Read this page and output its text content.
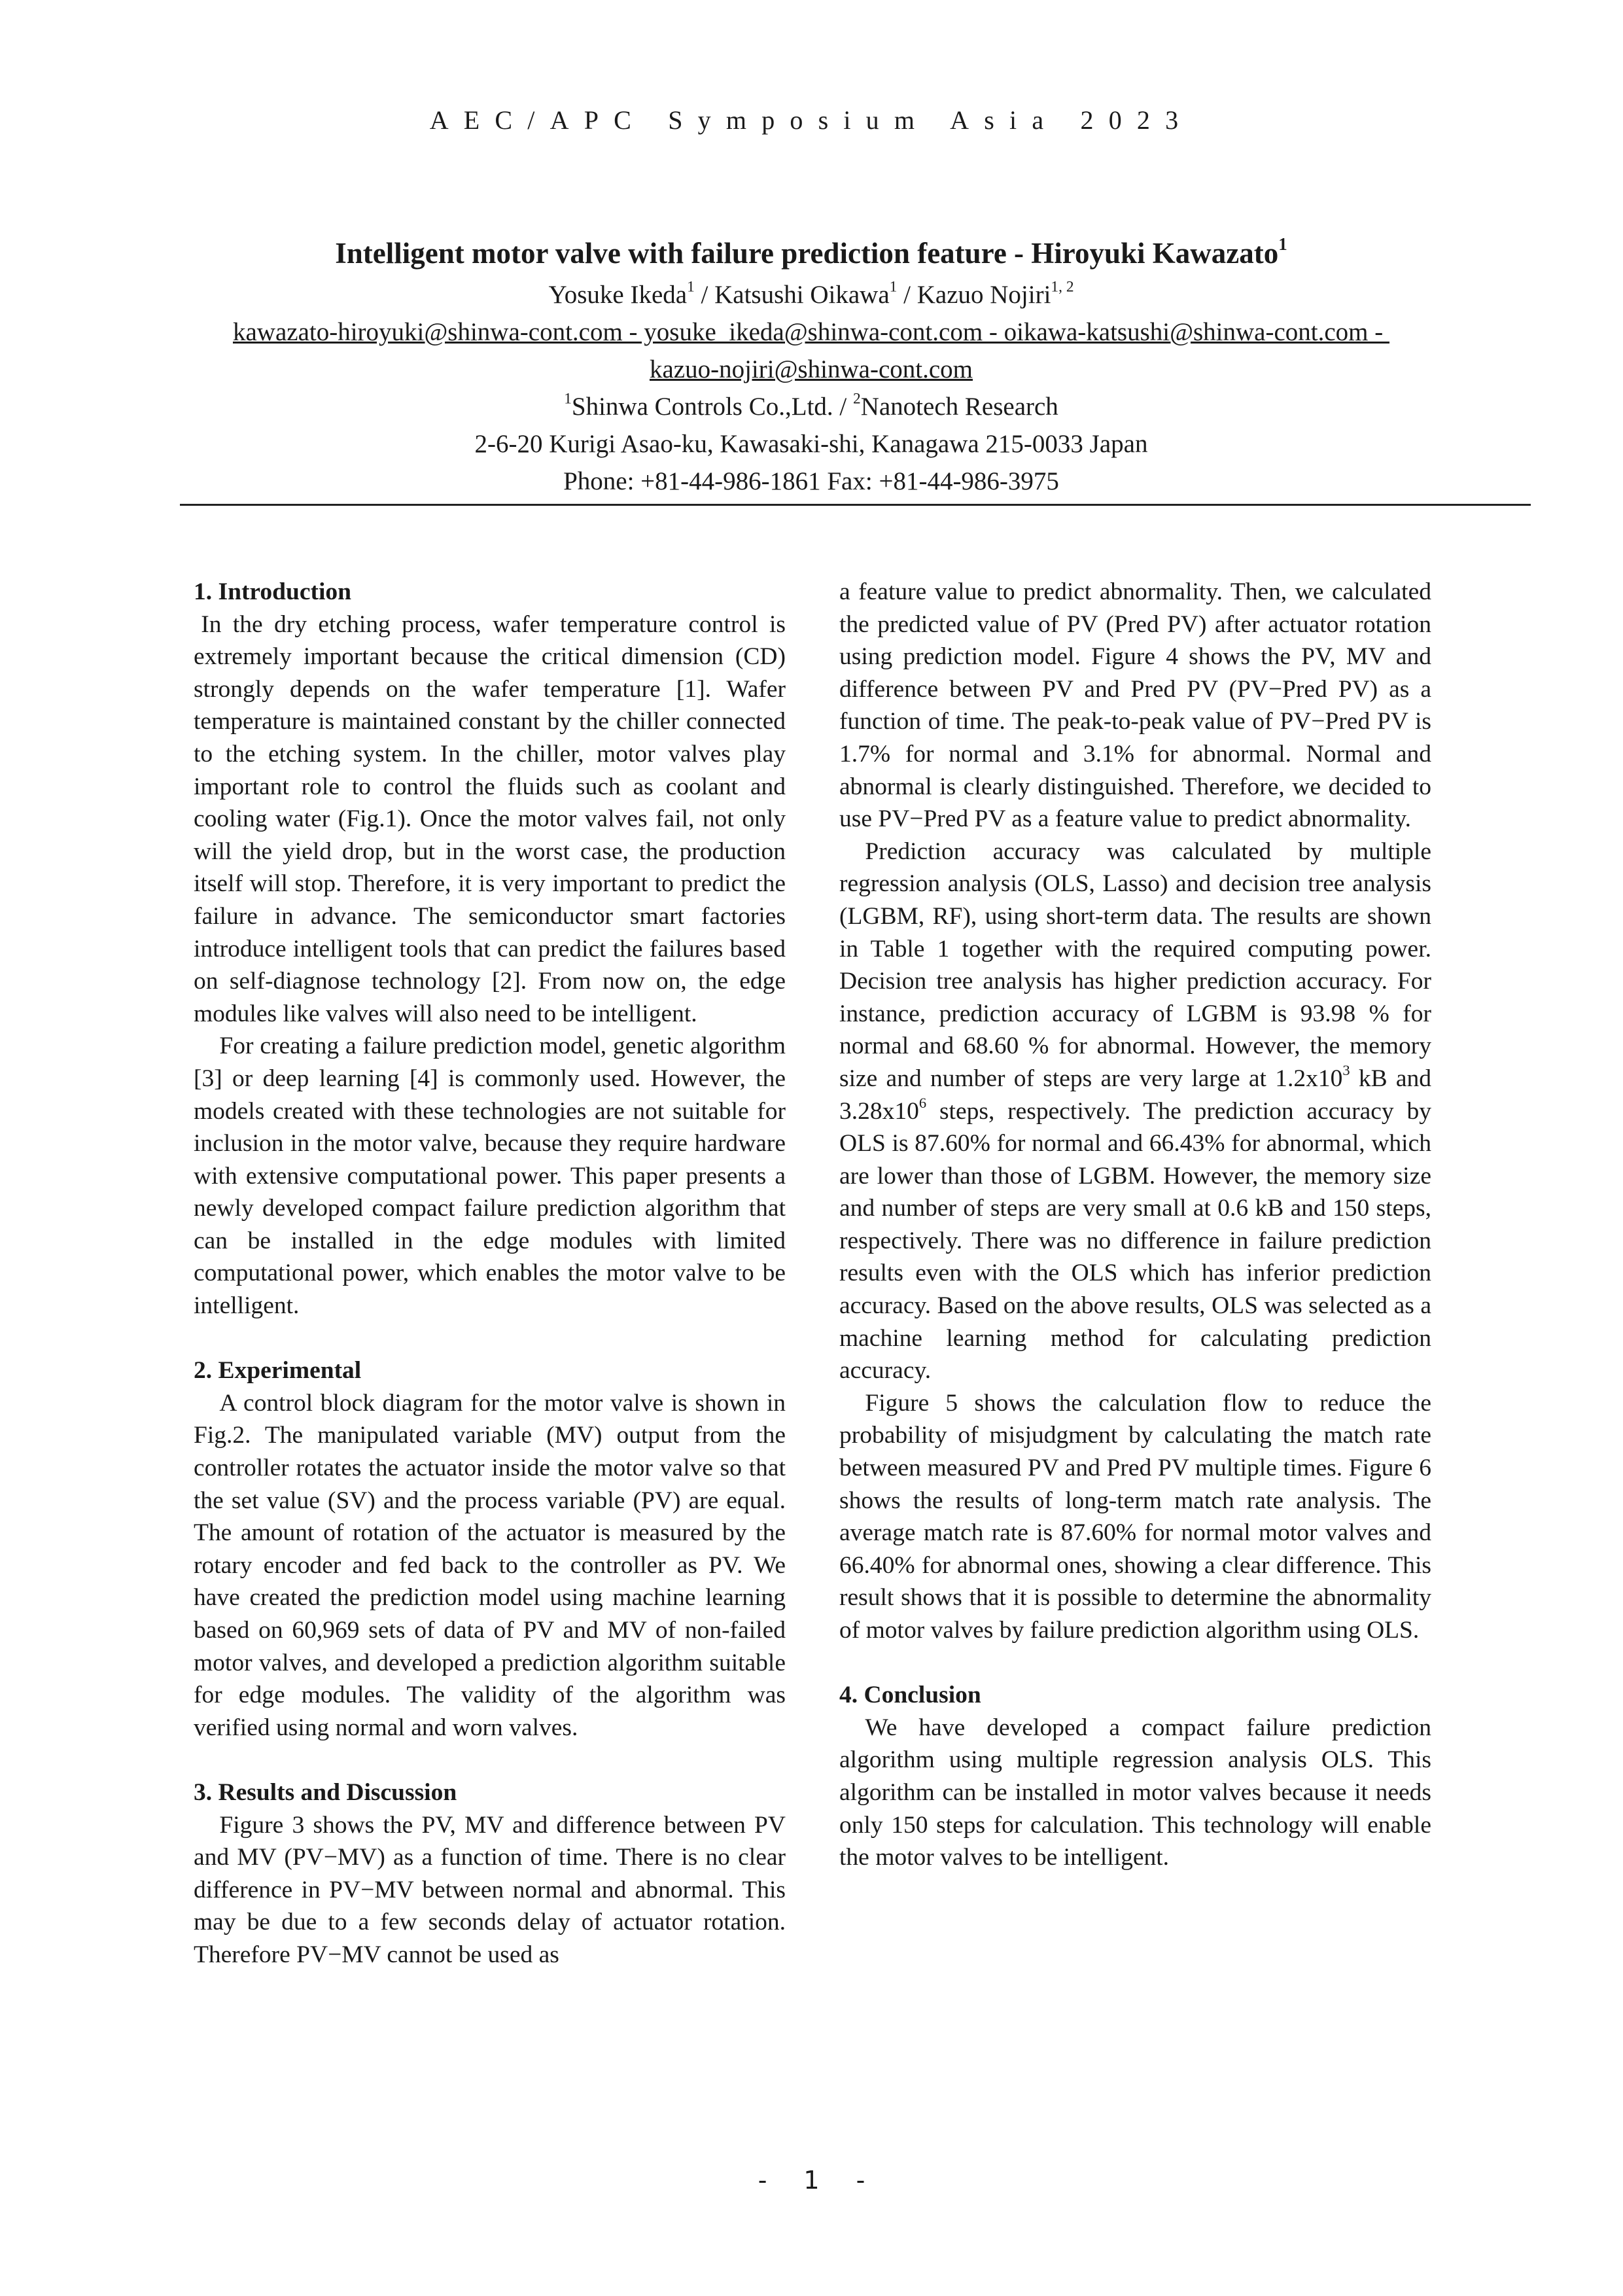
AEC/APC Symposium Asia 2023
Intelligent motor valve with failure prediction feature - Hiroyuki Kawazato$^1$
Yosuke Ikeda$^1$ / Katsushi Oikawa$^1$ / Kazuo Nojiri$^{1, 2}$
kawazato-hiroyuki@shinwa-cont.com - yosuke_ikeda@shinwa-cont.com - oikawa-katsushi@shinwa-cont.com -
kazuo-nojiri@shinwa-cont.com
$^1$Shinwa Controls Co.,Ltd. / $^2$Nanotech Research
2-6-20 Kurigi Asao-ku, Kawasaki-shi, Kanagawa 215-0033 Japan
Phone: +81-44-986-1861 Fax: +81-44-986-3975
1. Introduction

In the dry etching process, wafer temperature control is extremely important because the critical dimension (CD) strongly depends on the wafer temperature [1]. Wafer temperature is maintained constant by the chiller connected to the etching system. In the chiller, motor valves play important role to control the fluids such as coolant and cooling water (Fig.1). Once the motor valves fail, not only will the yield drop, but in the worst case, the production itself will stop. Therefore, it is very important to predict the failure in advance. The semiconductor smart factories introduce intelligent tools that can predict the failures based on self-diagnose technology [2]. From now on, the edge modules like valves will also need to be intelligent.

For creating a failure prediction model, genetic algorithm [3] or deep learning [4] is commonly used. However, the models created with these technologies are not suitable for inclusion in the motor valve, because they require hardware with extensive computational power. This paper presents a newly developed compact failure prediction algorithm that can be installed in the edge modules with limited computational power, which enables the motor valve to be intelligent.

2. Experimental

A control block diagram for the motor valve is shown in Fig.2. The manipulated variable (MV) output from the controller rotates the actuator inside the motor valve so that the set value (SV) and the process variable (PV) are equal. The amount of rotation of the actuator is measured by the rotary encoder and fed back to the controller as PV. We have created the prediction model using machine learning based on 60,969 sets of data of PV and MV of non-failed motor valves, and developed a prediction algorithm suitable for edge modules. The validity of the algorithm was verified using normal and worn valves.

3. Results and Discussion

Figure 3 shows the PV, MV and difference between PV and MV (PV−MV) as a function of time. There is no clear difference in PV−MV between normal and abnormal. This may be due to a few seconds delay of actuator rotation. Therefore PV−MV cannot be used as

a feature value to predict abnormality. Then, we calculated the predicted value of PV (Pred PV) after actuator rotation using prediction model. Figure 4 shows the PV, MV and difference between PV and Pred PV (PV−Pred PV) as a function of time. The peak-to-peak value of PV−Pred PV is 1.7% for normal and 3.1% for abnormal. Normal and abnormal is clearly distinguished. Therefore, we decided to use PV−Pred PV as a feature value to predict abnormality.

Prediction accuracy was calculated by multiple regression analysis (OLS, Lasso) and decision tree analysis (LGBM, RF), using short-term data. The results are shown in Table 1 together with the required computing power. Decision tree analysis has higher prediction accuracy. For instance, prediction accuracy of LGBM is 93.98 % for normal and 68.60 % for abnormal. However, the memory size and number of steps are very large at $1.2x10^3$ kB and $3.28x10^6$ steps, respectively. The prediction accuracy by OLS is 87.60% for normal and 66.43% for abnormal, which are lower than those of LGBM. However, the memory size and number of steps are very small at 0.6 kB and 150 steps, respectively. There was no difference in failure prediction results even with the OLS which has inferior prediction accuracy. Based on the above results, OLS was selected as a machine learning method for calculating prediction accuracy.

Figure 5 shows the calculation flow to reduce the probability of misjudgment by calculating the match rate between measured PV and Pred PV multiple times. Figure 6 shows the results of long-term match rate analysis. The average match rate is 87.60% for normal motor valves and 66.40% for abnormal ones, showing a clear difference. This result shows that it is possible to determine the abnormality of motor valves by failure prediction algorithm using OLS.

4. Conclusion

We have developed a compact failure prediction algorithm using multiple regression analysis OLS. This algorithm can be installed in motor valves because it needs only 150 steps for calculation. This technology will enable the motor valves to be intelligent.

- 1 -
